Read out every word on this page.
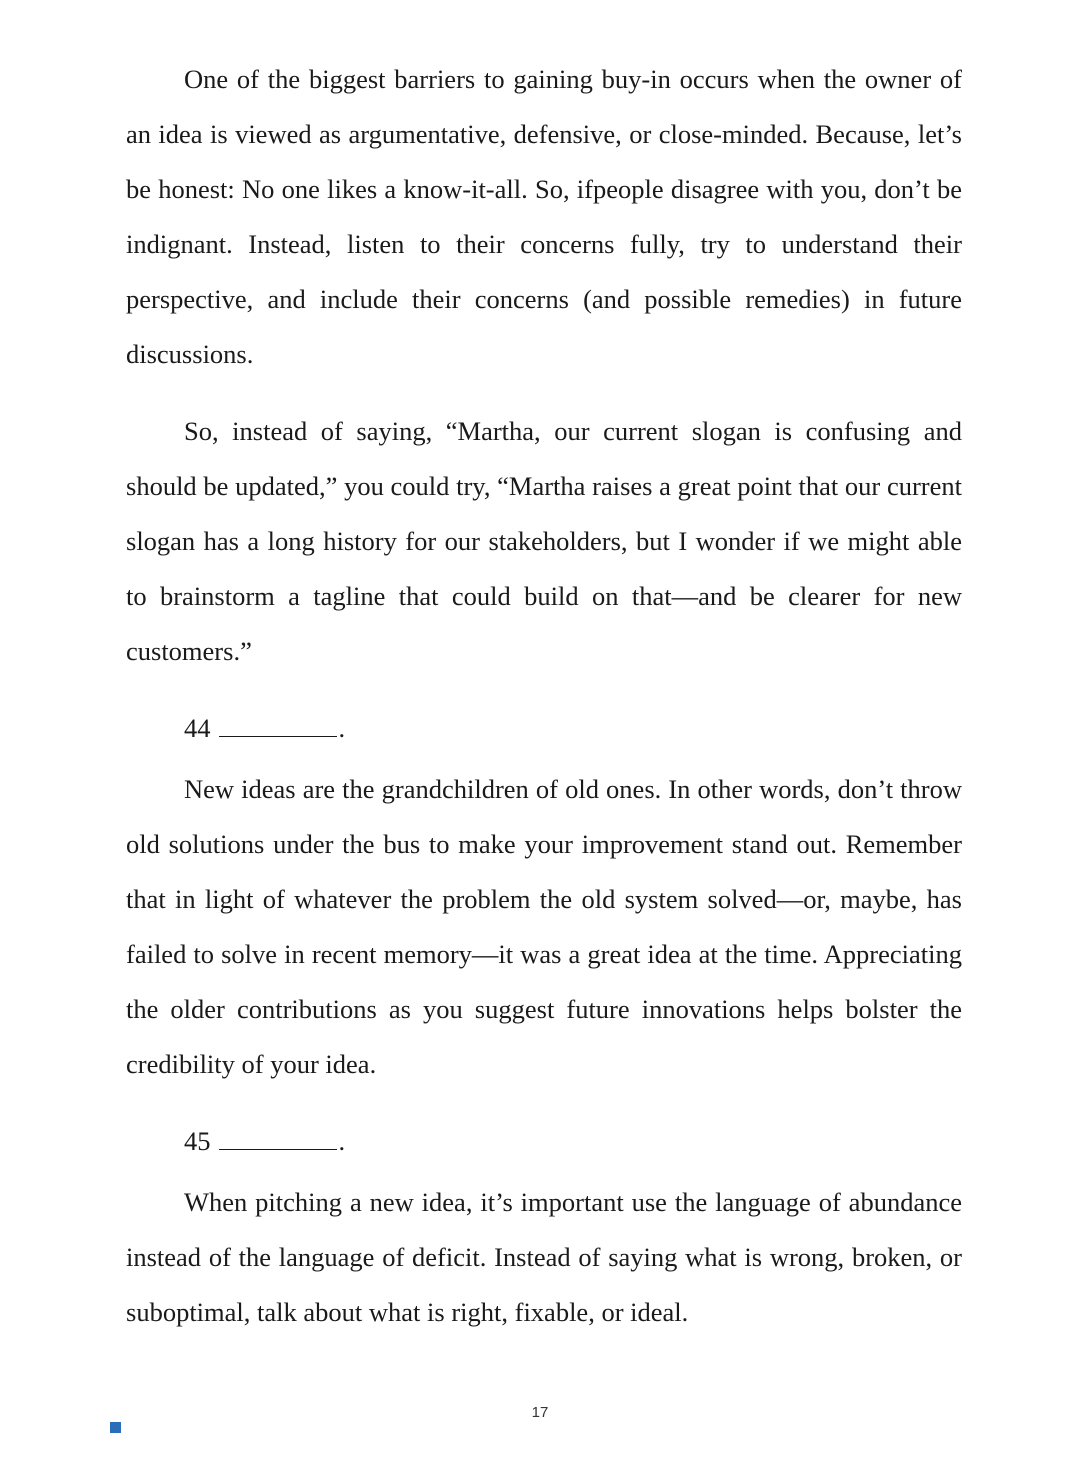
One of the biggest barriers to gaining buy-in occurs when the owner of an idea is viewed as argumentative, defensive, or close-minded. Because, let’s be honest: No one likes a know-it-all. So, ifpeople disagree with you, don’t be indignant. Instead, listen to their concerns fully, try to understand their perspective, and include their concerns (and possible remedies) in future discussions.

So, instead of saying, “Martha, our current slogan is confusing and should be updated,” you could try, “Martha raises a great point that our current slogan has a long history for our stakeholders, but I wonder if we might able to brainstorm a tagline that could build on that—and be clearer for new customers.”

44	.

New ideas are the grandchildren of old ones. In other words, don’t throw old solutions under the bus to make your improvement stand out. Remember that in light of whatever the problem the old system solved—or, maybe, has failed to solve in recent memory—it was a great idea at the time. Appreciating the older contributions as you suggest future innovations helps bolster the credibility of your idea.

45	.

When pitching a new idea, it’s important use the language of abundance instead of the language of deficit. Instead of saying what is wrong, broken, or suboptimal, talk about what is right, fixable, or ideal.

17
